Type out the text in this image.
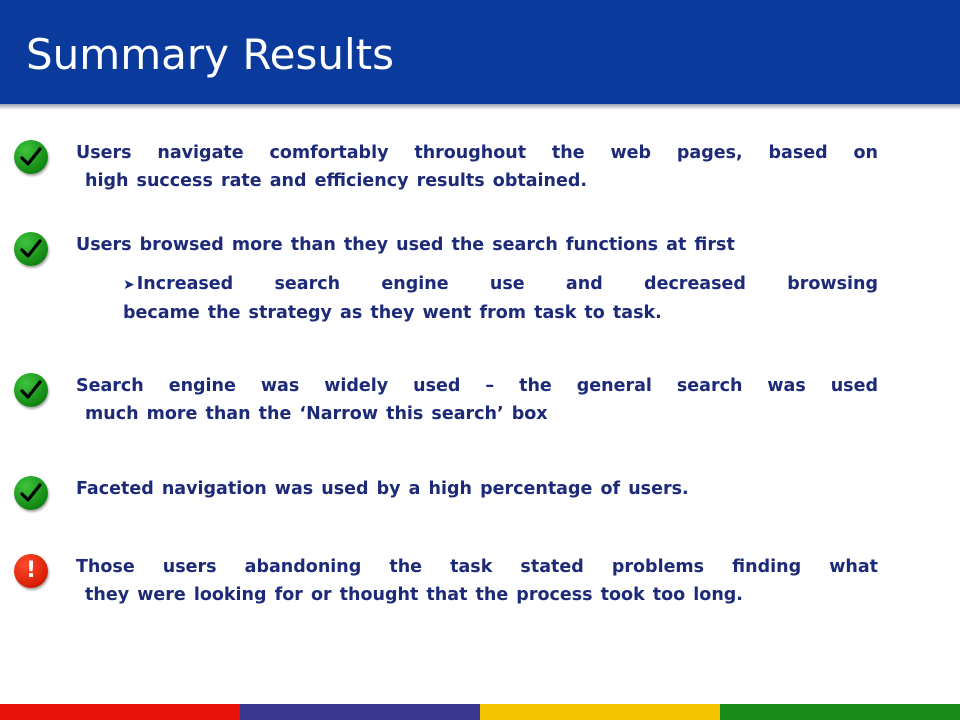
Summary Results
Users navigate comfortably throughout the web pages, based on
high success rate and efficiency results obtained.
Users browsed more than they used the search functions at first
➤ Increased search engine use and decreased browsing
became the strategy as they went from task to task.
Search engine was widely used – the general search was used
much more than the ‘Narrow this search’ box
Faceted navigation was used by a high percentage of users.
! Those users abandoning the task stated problems finding what
they were looking for or thought that the process took too long.
